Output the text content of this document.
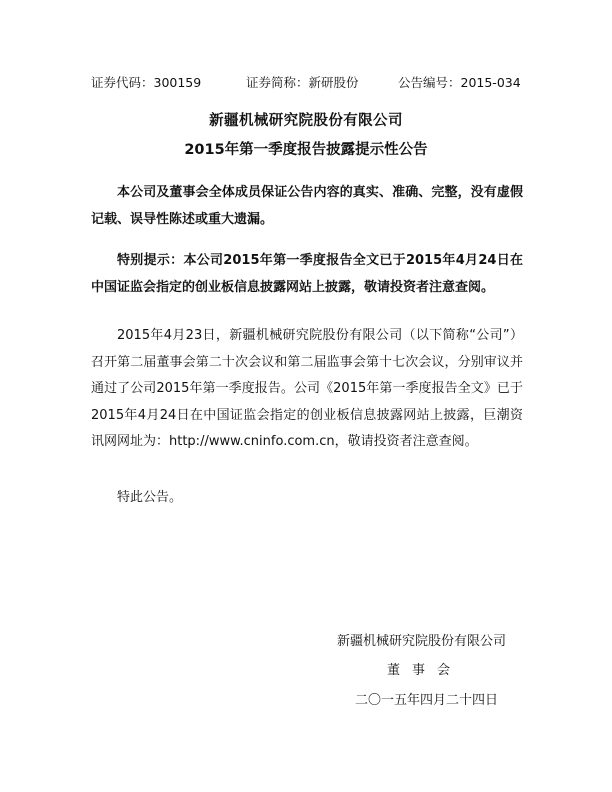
证券代码：300159	证券简称：新研股份	公告编号：2015-034
新疆机械研究院股份有限公司
2015年第一季度报告披露提示性公告
本公司及董事会全体成员保证公告内容的真实、准确、完整，没有虚假记载、误导性陈述或重大遗漏。
特别提示：本公司2015年第一季度报告全文已于2015年4月24日在中国证监会指定的创业板信息披露网站上披露，敬请投资者注意查阅。
2015年4月23日，新疆机械研究院股份有限公司（以下简称“公司”）召开第二届董事会第二十次会议和第二届监事会第十七次会议，分别审议并通过了公司2015年第一季度报告。公司《2015年第一季度报告全文》已于2015年4月24日在中国证监会指定的创业板信息披露网站上披露，巨潮资讯网网址为：http://www.cninfo.com.cn，敬请投资者注意查阅。
特此公告。
新疆机械研究院股份有限公司
董事会
二〇一五年四月二十四日
